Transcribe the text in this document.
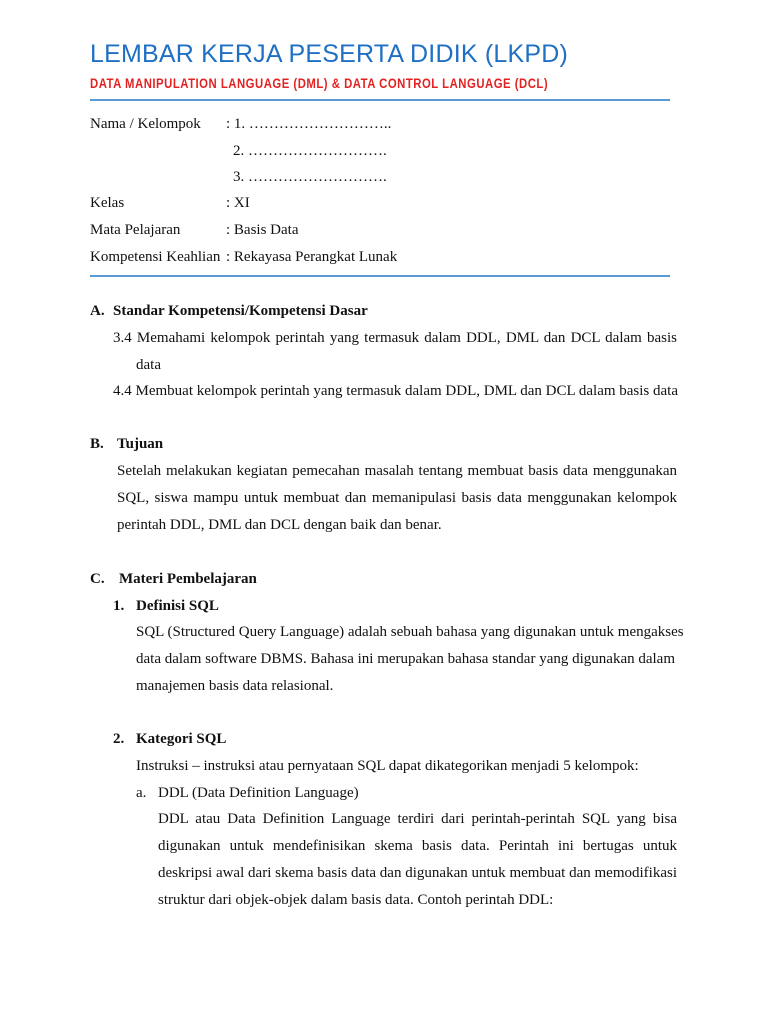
LEMBAR KERJA PESERTA DIDIK (LKPD)
DATA MANIPULATION LANGUAGE (DML) & DATA CONTROL LANGUAGE (DCL)
Nama / Kelompok : 1. ………………………..
2. ……………………….
3. ……………………….
Kelas	: XI
Mata Pelajaran	: Basis Data
Kompetensi Keahlian : Rekayasa Perangkat Lunak
A. Standar Kompetensi/Kompetensi Dasar
3.4 Memahami kelompok perintah yang termasuk dalam DDL, DML dan DCL dalam basis
data
4.4 Membuat kelompok perintah yang termasuk dalam DDL, DML dan DCL dalam basis data
B. Tujuan
Setelah melakukan kegiatan pemecahan masalah tentang membuat basis data menggunakan
SQL, siswa mampu untuk membuat dan memanipulasi basis data menggunakan kelompok
perintah DDL, DML dan DCL dengan baik dan benar.
C. Materi Pembelajaran
1. Definisi SQL
SQL (Structured Query Language) adalah sebuah bahasa yang digunakan untuk mengakses
data dalam software DBMS. Bahasa ini merupakan bahasa standar yang digunakan dalam
manajemen basis data relasional.
2. Kategori SQL
Instruksi – instruksi atau pernyataan SQL dapat dikategorikan menjadi 5 kelompok:
a. DDL (Data Definition Language)
DDL atau Data Definition Language terdiri dari perintah-perintah SQL yang bisa
digunakan untuk mendefinisikan skema basis data. Perintah ini bertugas untuk
deskripsi awal dari skema basis data dan digunakan untuk membuat dan memodifikasi
struktur dari objek-objek dalam basis data. Contoh perintah DDL:
